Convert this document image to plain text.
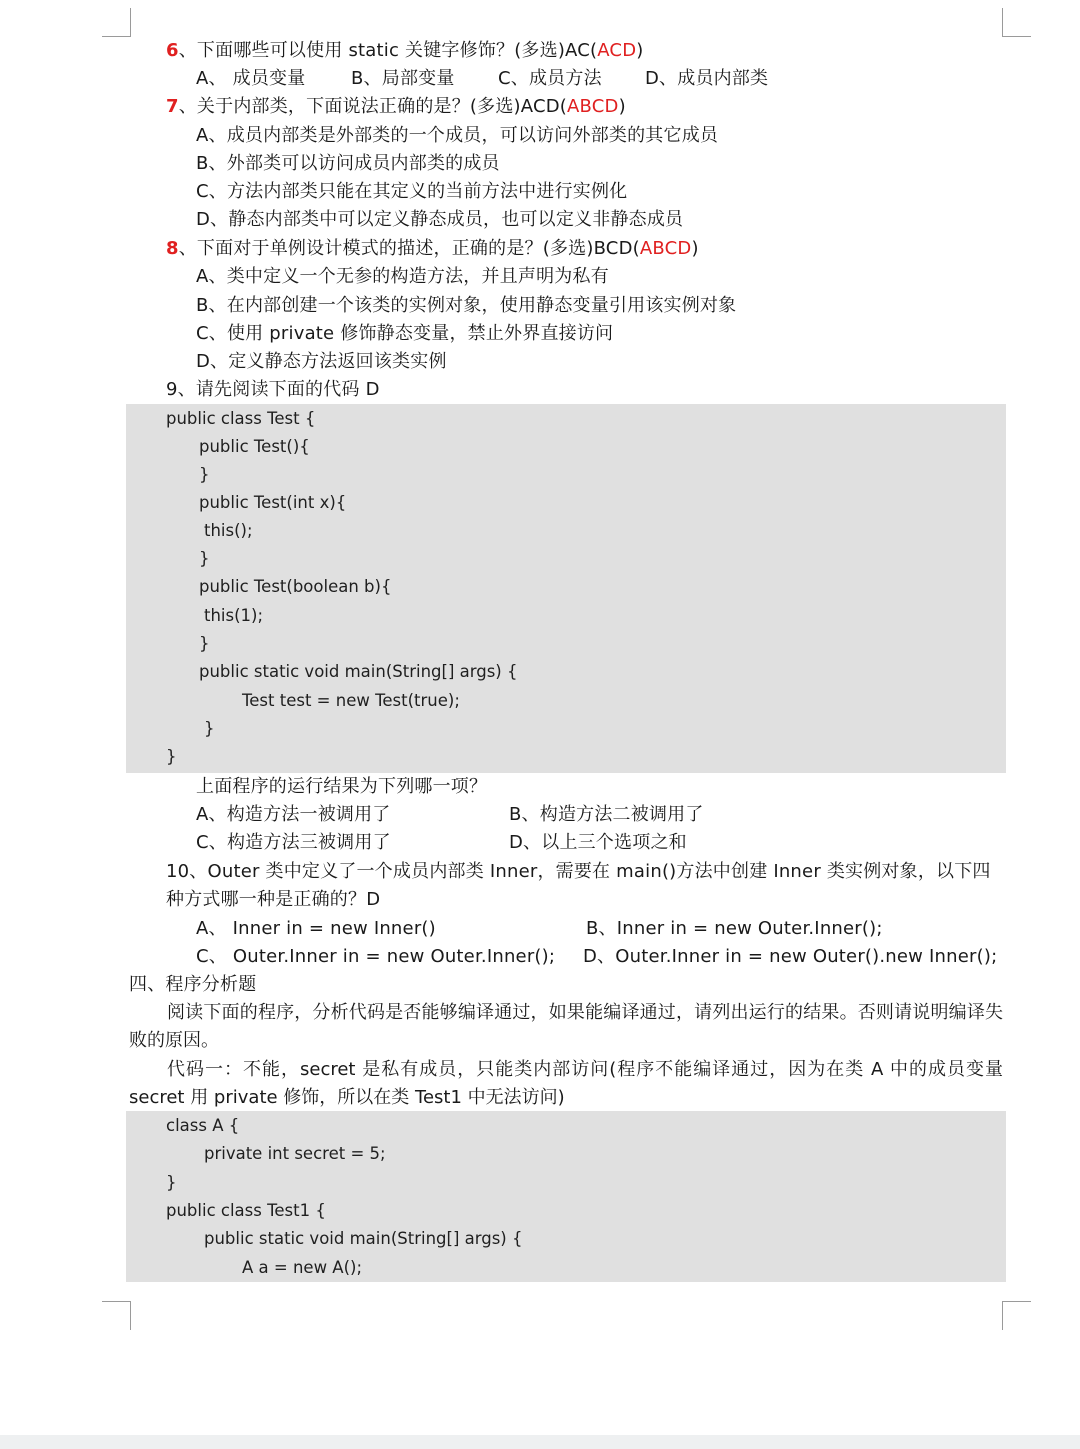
6、下面哪些可以使用 static 关键字修饰？(多选)AC(ACD)
A、 成员变量	B、局部变量 C、成员方法 D、成员内部类
7、关于内部类，下面说法正确的是？(多选)ACD(ABCD)
A、成员内部类是外部类的一个成员，可以访问外部类的其它成员
B、外部类可以访问成员内部类的成员
C、方法内部类只能在其定义的当前方法中进行实例化
D、静态内部类中可以定义静态成员，也可以定义非静态成员
8、下面对于单例设计模式的描述，正确的是？(多选)BCD(ABCD)
A、类中定义一个无参的构造方法，并且声明为私有
B、在内部创建一个该类的实例对象，使用静态变量引用该实例对象
C、使用 private 修饰静态变量，禁止外界直接访问
D、定义静态方法返回该类实例
9、请先阅读下面的代码 D
public class Test {
public Test(){
}
public Test(int x){
this();
}
public Test(boolean b){
this(1);
}
public static void main(String[] args) {
Test test = new Test(true);
}
}
上面程序的运行结果为下列哪一项？
A、构造方法一被调用了	B、构造方法二被调用了
C、构造方法三被调用了	D、以上三个选项之和
10、Outer 类中定义了一个成员内部类 Inner，需要在 main()方法中创建 Inner 类实例对象，以下四
种方式哪一种是正确的？D
A、 Inner in = new Inner()	B、Inner in = new Outer.Inner();
C、 Outer.Inner in = new Outer.Inner(); D、Outer.Inner in = new Outer().new Inner();
四、程序分析题
阅读下面的程序，分析代码是否能够编译通过，如果能编译通过，请列出运行的结果。否则请说明编译失败的原因。
代码一：不能，secret 是私有成员，只能类内部访问(程序不能编译通过，因为在类 A 中的成员变量 secret 用 private 修饰，所以在类 Test1 中无法访问)
class A {
private int secret = 5;
}
public class Test1 {
public static void main(String[] args) {
A a = new A();
